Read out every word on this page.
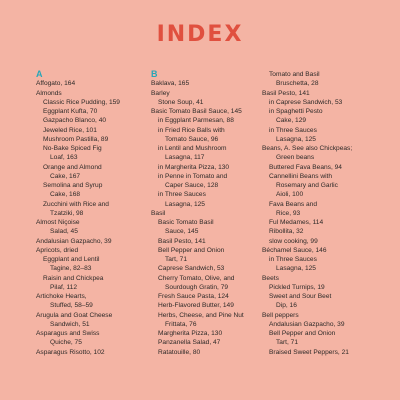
INDEX
A
Affogato, 164
Almonds
Classic Rice Pudding, 159
Eggplant Kufta, 70
Gazpacho Blanco, 40
Jeweled Rice, 101
Mushroom Pastilla, 89
No-Bake Spiced Fig
Loaf, 163
Orange and Almond
Cake, 167
Semolina and Syrup
Cake, 168
Zucchini with Rice and
Tzatziki, 98
Almost Niçoise
Salad, 45
Andalusian Gazpacho, 39
Apricots, dried
Eggplant and Lentil
Tagine, 82–83
Raisin and Chickpea
Pilaf, 112
Artichoke Hearts,
Stuffed, 58–59
Arugula and Goat Cheese
Sandwich, 51
Asparagus and Swiss
Quiche, 75
Asparagus Risotto, 102
B
Baklava, 165
Barley
Stone Soup, 41
Basic Tomato Basil Sauce, 145
in Eggplant Parmesan, 88
in Fried Rice Balls with
Tomato Sauce, 96
in Lentil and Mushroom
Lasagna, 117
in Margherita Pizza, 130
in Penne in Tomato and
Caper Sauce, 128
in Three Sauces
Lasagna, 125
Basil
Basic Tomato Basil
Sauce, 145
Basil Pesto, 141
Bell Pepper and Onion
Tart, 71
Caprese Sandwich, 53
Cherry Tomato, Olive, and
Sourdough Gratin, 79
Fresh Sauce Pasta, 124
Herb-Flavored Butter, 149
Herbs, Cheese, and Pine Nut
Frittata, 76
Margherita Pizza, 130
Panzanella Salad, 47
Ratatouille, 80
Tomato and Basil
Bruschetta, 28
Basil Pesto, 141
in Caprese Sandwich, 53
in Spaghetti Pesto
Cake, 129
in Three Sauces
Lasagna, 125
Beans, A. See also Chickpeas;
Green beans
Buttered Fava Beans, 94
Cannellini Beans with
Rosemary and Garlic
Aioli, 100
Fava Beans and
Rice, 93
Ful Medames, 114
Ribollita, 32
slow cooking, 99
Béchamel Sauce, 146
in Three Sauces
Lasagna, 125
Beets
Pickled Turnips, 19
Sweet and Sour Beet
Dip, 16
Bell peppers
Andalusian Gazpacho, 39
Bell Pepper and Onion
Tart, 71
Braised Sweet Peppers, 21
